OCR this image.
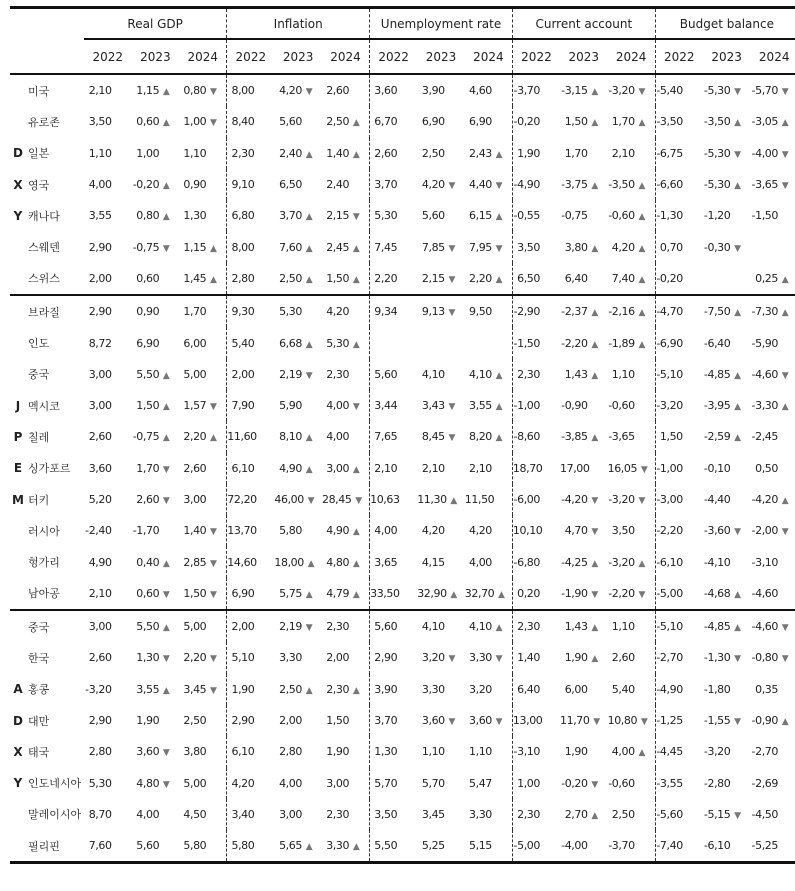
		Real GDP			Inflation			Unemployment rate			Current account			Budget balance		
		2022	2023	2024	2022	2023	2024	2022	2023	2024	2022	2023	2024	2022	2023	2024
	미국	2,10	1,15 ▲	0,80 ▼	8,00	4,20 ▼	2,60	3,60	3,90	4,60	-3,70	-3,15 ▲	-3,20 ▼	-5,40	-5,30 ▼	-5,70 ▼
	유로존	3,50	0,60 ▲	1,00 ▼	8,40	5,60	2,50 ▲	6,70	6,90	6,90	-0,20	1,50 ▲	1,70 ▲	-3,50	-3,50 ▲	-3,05 ▲
D	일본	1,10	1,00	1,10	2,30	2,40 ▲	1,40 ▲	2,60	2,50	2,43 ▲	1,90	1,70	2,10	-6,75	-5,30 ▼	-4,00 ▼
X	영국	4,00	-0,20 ▲	0,90	9,10	6,50	2,40	3,70	4,20 ▼	4,40 ▼	-4,90	-3,75 ▲	-3,50 ▲	-6,60	-5,30 ▲	-3,65 ▼
Y	캐나다	3,55	0,80 ▲	1,30	6,80	3,70 ▲	2,15 ▼	5,30	5,60	6,15 ▲	-0,55	-0,75	-0,60 ▲	-1,30	-1,20	-1,50
	스웨덴	2,90	-0,75 ▼	1,15 ▲	8,00	7,60 ▲	2,45 ▲	7,45	7,85 ▼	7,95 ▼	3,50	3,80 ▲	4,20 ▲	0,70	-0,30 ▼	
	스위스	2,00	0,60	1,45 ▲	2,80	2,50 ▲	1,50 ▲	2,20	2,15 ▼	2,20 ▲	6,50	6,40	7,40 ▲	-0,20		0,25 ▲
	브라질	2,90	0,90	1,70	9,30	5,30	4,20	9,34	9,13 ▼	9,50	-2,90	-2,37 ▲	-2,16 ▲	-4,70	-7,50 ▲	-7,30 ▲
	인도	8,72	6,90	6,00	5,40	6,68 ▲	5,30 ▲				-1,50	-2,20 ▲	-1,89 ▲	-6,90	-6,40	-5,90
	중국	3,00	5,50 ▲	5,00	2,00	2,19 ▼	2,30	5,60	4,10	4,10 ▲	2,30	1,43 ▲	1,10	-5,10	-4,85 ▲	-4,60 ▼
J	멕시코	3,00	1,50 ▲	1,57 ▼	7,90	5,90	4,00 ▼	3,44	3,43 ▼	3,55 ▲	-1,00	-0,90	-0,60	-3,20	-3,95 ▲	-3,30 ▲
P	칠레	2,60	-0,75 ▲	2,20 ▲	11,60	8,10 ▲	4,00	7,65	8,45 ▼	8,20 ▲	-8,60	-3,85 ▲	-3,65	1,50	-2,59 ▲	-2,45
E	싱가포르	3,60	1,70 ▼	2,60	6,10	4,90 ▲	3,00 ▲	2,10	2,10	2,10	18,70	17,00	16,05 ▼	-1,00	-0,10	0,50
M	터키	5,20	2,60 ▼	3,00	72,20	46,00 ▼	28,45 ▼	10,63	11,30 ▲	11,50	-6,00	-4,20 ▼	-3,20 ▼	-3,00	-4,40	-4,20 ▲
	러시아	-2,40	-1,70	1,40 ▼	13,70	5,80	4,90 ▲	4,00	4,20	4,20	10,10	4,70 ▼	3,50	-2,20	-3,60 ▼	-2,00 ▼
	헝가리	4,90	0,40 ▲	2,85 ▼	14,60	18,00 ▲	4,80 ▲	3,65	4,15	4,00	-6,80	-4,25 ▲	-3,20 ▲	-6,10	-4,10	-3,10
	남아공	2,10	0,60 ▼	1,50 ▼	6,90	5,75 ▲	4,79 ▲	33,50	32,90 ▲	32,70 ▲	0,20	-1,90 ▼	-2,20 ▼	-5,00	-4,68 ▲	-4,60
	중국	3,00	5,50 ▲	5,00	2,00	2,19 ▼	2,30	5,60	4,10	4,10 ▲	2,30	1,43 ▲	1,10	-5,10	-4,85 ▲	-4,60 ▼
	한국	2,60	1,30 ▼	2,20 ▼	5,10	3,30	2,00	2,90	3,20 ▼	3,30 ▼	1,40	1,90 ▲	2,60	-2,70	-1,30 ▼	-0,80 ▼
A	홍콩	-3,20	3,55 ▲	3,45 ▼	1,90	2,50 ▲	2,30 ▲	3,90	3,30	3,20	6,40	6,00	5,40	-4,90	-1,80	0,35
D	대만	2,90	1,90	2,50	2,90	2,00	1,50	3,70	3,60 ▼	3,60 ▼	13,00	11,70 ▼	10,80 ▼	-1,25	-1,55 ▼	-0,90 ▲
X	태국	2,80	3,60 ▼	3,80	6,10	2,80	1,90	1,30	1,10	1,10	-3,10	1,90	4,00 ▲	-4,45	-3,20	-2,70
Y	인도네시아	5,30	4,80 ▼	5,00	4,20	4,00	3,00	5,70	5,70	5,47	1,00	-0,20 ▼	-0,60	-3,55	-2,80	-2,69
	말레이시아	8,70	4,00	4,50	3,40	3,00	2,30	3,50	3,45	3,30	2,30	2,70 ▲	2,50	-5,60	-5,15 ▼	-4,50
	필리핀	7,60	5,60	5,80	5,80	5,65 ▲	3,30 ▲	5,50	5,25	5,15	-5,00	-4,00	-3,70	-7,40	-6,10	-5,25
